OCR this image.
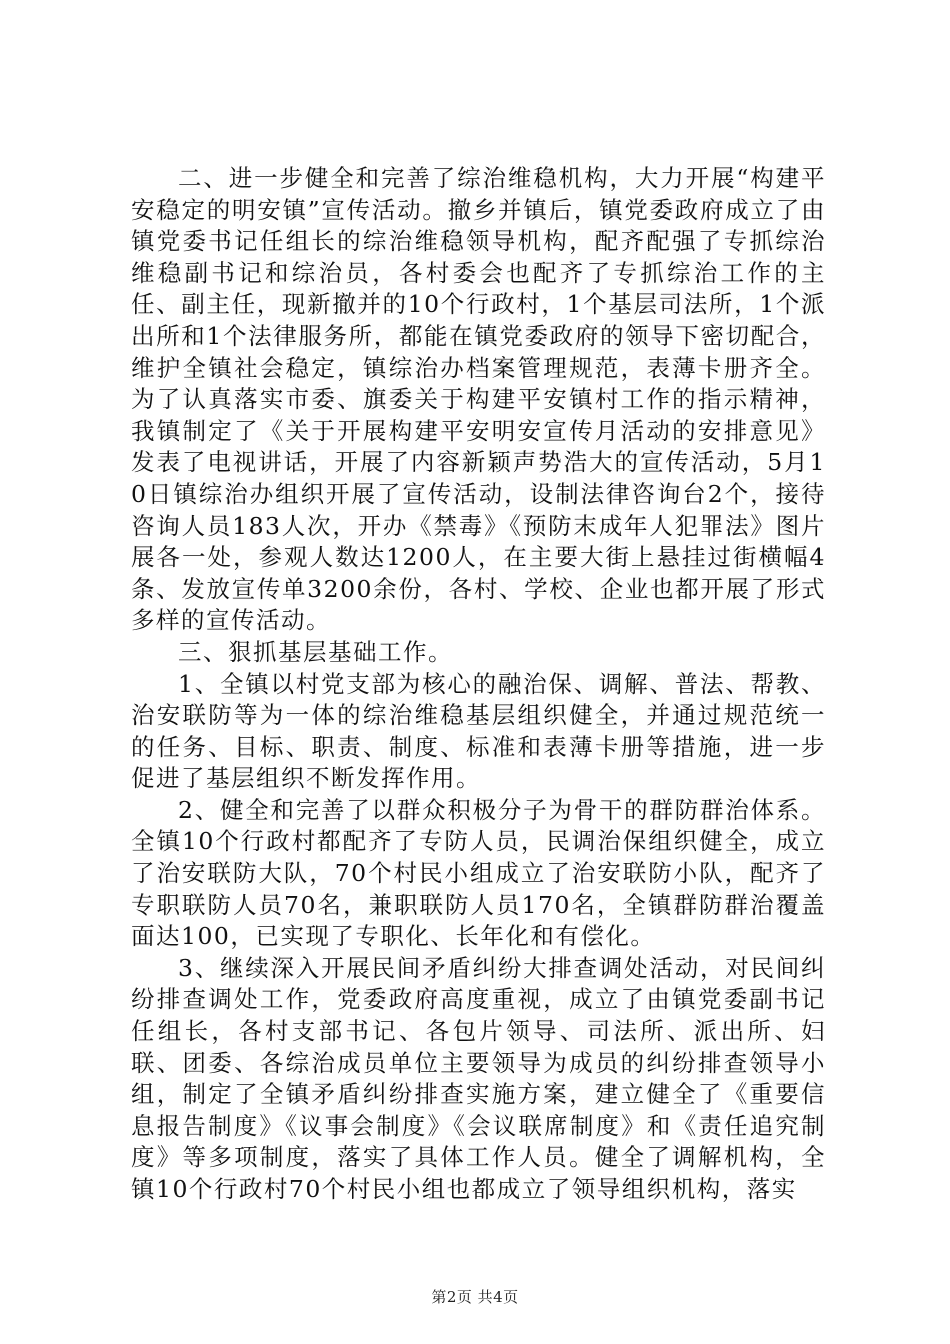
二、进一步健全和完善了综治维稳机构，大力开展“构建平安稳定的明安镇”宣传活动。撤乡并镇后，镇党委政府成立了由镇党委书记任组长的综治维稳领导机构，配齐配强了专抓综治维稳副书记和综治员，各村委会也配齐了专抓综治工作的主任、副主任，现新撤并的10个行政村，1个基层司法所，1个派出所和1个法律服务所，都能在镇党委政府的领导下密切配合，维护全镇社会稳定，镇综治办档案管理规范，表薄卡册齐全。为了认真落实市委、旗委关于构建平安镇村工作的指示精神，我镇制定了《关于开展构建平安明安宣传月活动的安排意见》发表了电视讲话，开展了内容新颖声势浩大的宣传活动，5月10日镇综治办组织开展了宣传活动，设制法律咨询台2个，接待咨询人员183人次，开办《禁毒》《预防末成年人犯罪法》图片展各一处，参观人数达1200人，在主要大街上悬挂过街横幅4条、发放宣传单3200余份，各村、学校、企业也都开展了形式多样的宣传活动。

三、狠抓基层基础工作。

1、全镇以村党支部为核心的融治保、调解、普法、帮教、治安联防等为一体的综治维稳基层组织健全，并通过规范统一的任务、目标、职责、制度、标准和表薄卡册等措施，进一步促进了基层组织不断发挥作用。

2、健全和完善了以群众积极分子为骨干的群防群治体系。全镇10个行政村都配齐了专防人员，民调治保组织健全，成立了治安联防大队，70个村民小组成立了治安联防小队，配齐了专职联防人员70名，兼职联防人员170名，全镇群防群治覆盖面达100，已实现了专职化、长年化和有偿化。

3、继续深入开展民间矛盾纠纷大排查调处活动，对民间纠纷排查调处工作，党委政府高度重视，成立了由镇党委副书记任组长，各村支部书记、各包片领导、司法所、派出所、妇联、团委、各综治成员单位主要领导为成员的纠纷排查领导小组，制定了全镇矛盾纠纷排查实施方案，建立健全了《重要信息报告制度》《议事会制度》《会议联席制度》和《责任追究制度》等多项制度，落实了具体工作人员。健全了调解机构，全镇10个行政村70个村民小组也都成立了领导组织机构，落实

第2页 共4页
